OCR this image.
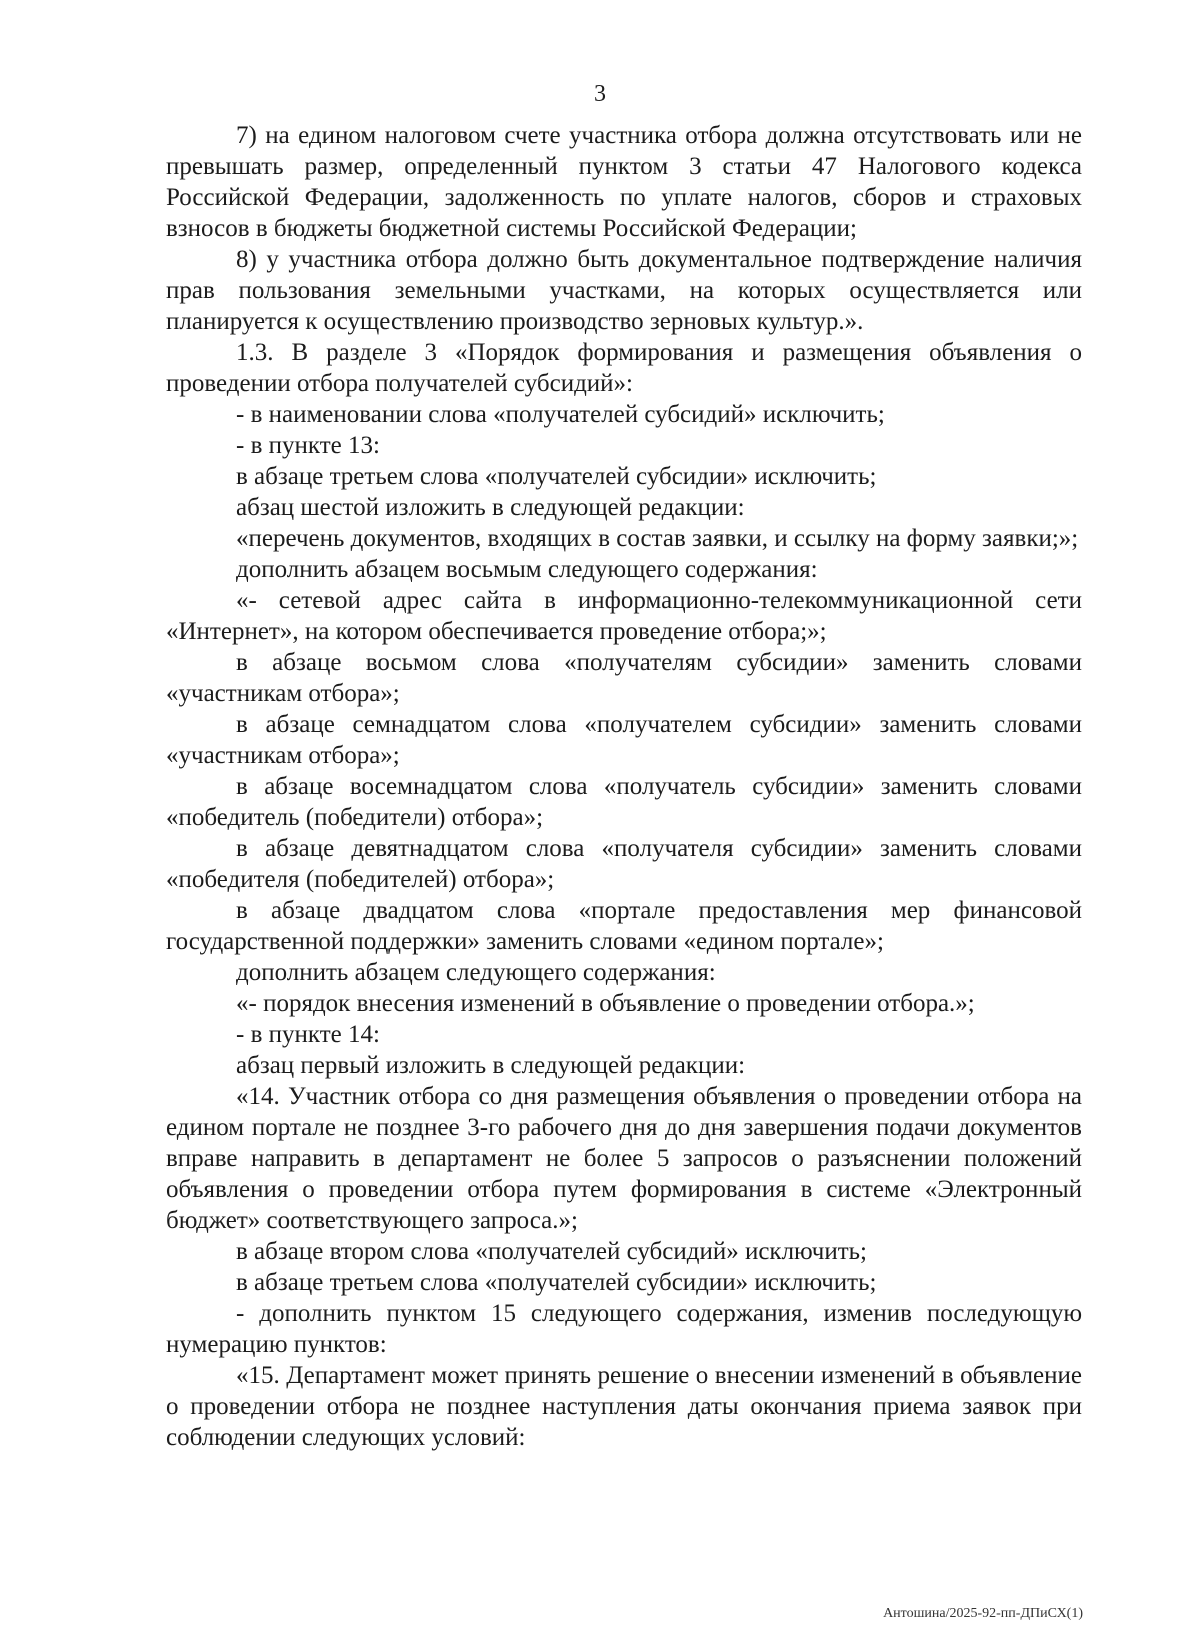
3

7) на едином налоговом счете участника отбора должна отсутствовать или не превышать размер, определенный пунктом 3 статьи 47 Налогового кодекса Российской Федерации, задолженность по уплате налогов, сборов и страховых взносов в бюджеты бюджетной системы Российской Федерации;

8) у участника отбора должно быть документальное подтверждение наличия прав пользования земельными участками, на которых осуществляется или планируется к осуществлению производство зерновых культур.».

1.3. В разделе 3 «Порядок формирования и размещения объявления о проведении отбора получателей субсидий»:

- в наименовании слова «получателей субсидий» исключить;

- в пункте 13:

в абзаце третьем слова «получателей субсидии» исключить;

абзац шестой изложить в следующей редакции:

«перечень документов, входящих в состав заявки, и ссылку на форму заявки;»;

дополнить абзацем восьмым следующего содержания:

«- сетевой адрес сайта в информационно-телекоммуникационной сети «Интернет», на котором обеспечивается проведение отбора;»;

в абзаце восьмом слова «получателям субсидии» заменить словами «участникам отбора»;

в абзаце семнадцатом слова «получателем субсидии» заменить словами «участникам отбора»;

в абзаце восемнадцатом слова «получатель субсидии» заменить словами «победитель (победители) отбора»;

в абзаце девятнадцатом слова «получателя субсидии» заменить словами «победителя (победителей) отбора»;

в абзаце двадцатом слова «портале предоставления мер финансовой государственной поддержки» заменить словами «едином портале»;

дополнить абзацем следующего содержания:

«- порядок внесения изменений в объявление о проведении отбора.»;

- в пункте 14:

абзац первый изложить в следующей редакции:

«14. Участник отбора со дня размещения объявления о проведении отбора на едином портале не позднее 3-го рабочего дня до дня завершения подачи документов вправе направить в департамент не более 5 запросов о разъяснении положений объявления о проведении отбора путем формирования в системе «Электронный бюджет» соответствующего запроса.»;

в абзаце втором слова «получателей субсидий» исключить;

в абзаце третьем слова «получателей субсидии» исключить;

- дополнить пунктом 15 следующего содержания, изменив последующую нумерацию пунктов:

«15. Департамент может принять решение о внесении изменений в объявление о проведении отбора не позднее наступления даты окончания приема заявок при соблюдении следующих условий:

Антошина/2025-92-пп-ДПиСХ(1)
